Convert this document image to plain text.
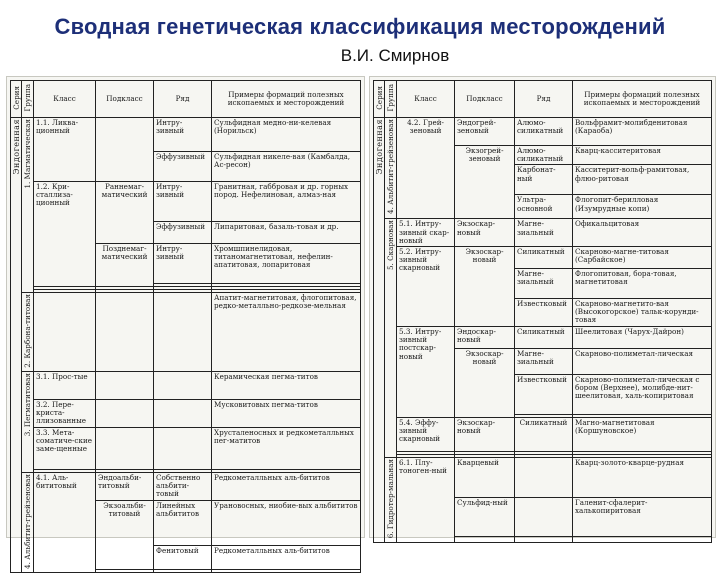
Сводная генетическая классификация месторождений
В.И. Смирнов
Серия	Группа	Класс	Подкласс	Ряд	Примеры формаций полезных ископаемых и месторождений
Эндогенная	1. Магматическая	1.1. Ликва-ционный		Интру-зивный	Сульфидная медно-ни-келевая (Норильск)
				Эффузивный	Сульфидная никеле-вая (Камбалда, Ас-ресон)
		1.2. Кри-сталлиза-ционный	Раннемаг-матический	Интру-зивный	Гранитная, габбровая и др. горных пород. Нефелиновая, алмаз-ная
				Эффузивный	Липаритовая, базаль-товая и др.
			Позднемаг-матический	Интру-зивный	Хромшпинелидовая, титаномагнетитовая, нефелин-апатитовая, лопаритовая

	2. Карбона-титовая				Апатит-магнетитовая, флогопитовая, редко-металльно-редкозе-мельная
	3. Пегматитовая	3.1. Прос-тые			Керамическая пегма-титов
		3.2. Пере-криста-ллизованные			Мусковитовых пегма-титов
		3.3. Мета-соматиче-ские заме-щенные			Хрусталеносных и редкометалльных пег-матитов

	4. Альбитит-грейзеновая	4.1. Аль-бититовый	Эндоальби-титовый	Собственно альбити-товый	Редкометалльных аль-бититов
			Экзоальби-титовый	Линейных альбититов	Урановосных, ниобие-вых альбититов
				Фенитовый	Редкометалльных аль-бититов

Серия	Группа	Класс	Подкласс	Ряд	Примеры формаций полезных ископаемых и месторождений
Эндогенная	4. Альбитит-грейзеновая	4.2. Грей-зеновый	Эндогрей-зеновый	Алюмо-силикатный	Вольфрамит-молибденитовая (Караоба)
			Экзогрей-зеновый	Алюмо-силикатный	Кварц-касситеритовая
				Карбонат-ный	Касситерит-вольф-рамитовая, флюо-ритовая
				Ультра-основной	Флогопит-берилловая (Изумрудные копи)
	5. Скарновая	5.1. Интру-зивный скар-новый	Экзоскар-новый	Магне-зиальный	Офикальцитовая
		5.2. Интру-зивный скарновый	Экзоскар-новый	Силикатный	Скарново-магне-титовая (Сарбайское)
				Магне-зиальный	Флогопитовая, бора-товая, магнетитовая
				Известковый	Скарново-магнетито-вая (Высокогорское) тальк-корунди-товая
		5.3. Интру-зивный постскар-новый	Эндоскар-новый	Силикатный	Шеелитовая (Чарух-Дайрон)
			Экзоскар-новый	Магне-зиальный	Скарново-полиметал-лическая
				Известковый	Скарново-полиметал-лическая с бором (Верхнее), молибде-нит-шеелитовая, халь-копиритовая

		5.4. Эффу-зивный скарновый	Экзоскар-новый	Силикатный	Магно-магнетитовая (Коршуновское)

	6. Гидротер-мальная	6.1. Плу-тоноген-ный	Кварцевый		Кварц-золото-кварце-рудная
			Сульфид-ный		Галенит-сфалерит-халькопиритовая
